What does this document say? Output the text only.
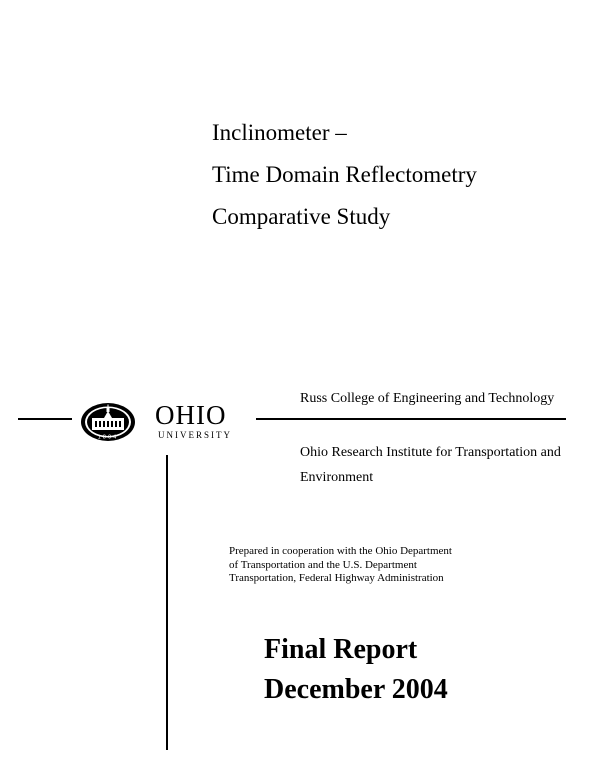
Inclinometer –
Time Domain Reflectometry
Comparative Study
1804
OHIO
UNIVERSITY
Russ College of Engineering and Technology
Ohio Research Institute for Transportation and
Environment
Prepared in cooperation with the Ohio Department
of Transportation and the U.S. Department
Transportation, Federal Highway Administration
Final Report
December 2004
